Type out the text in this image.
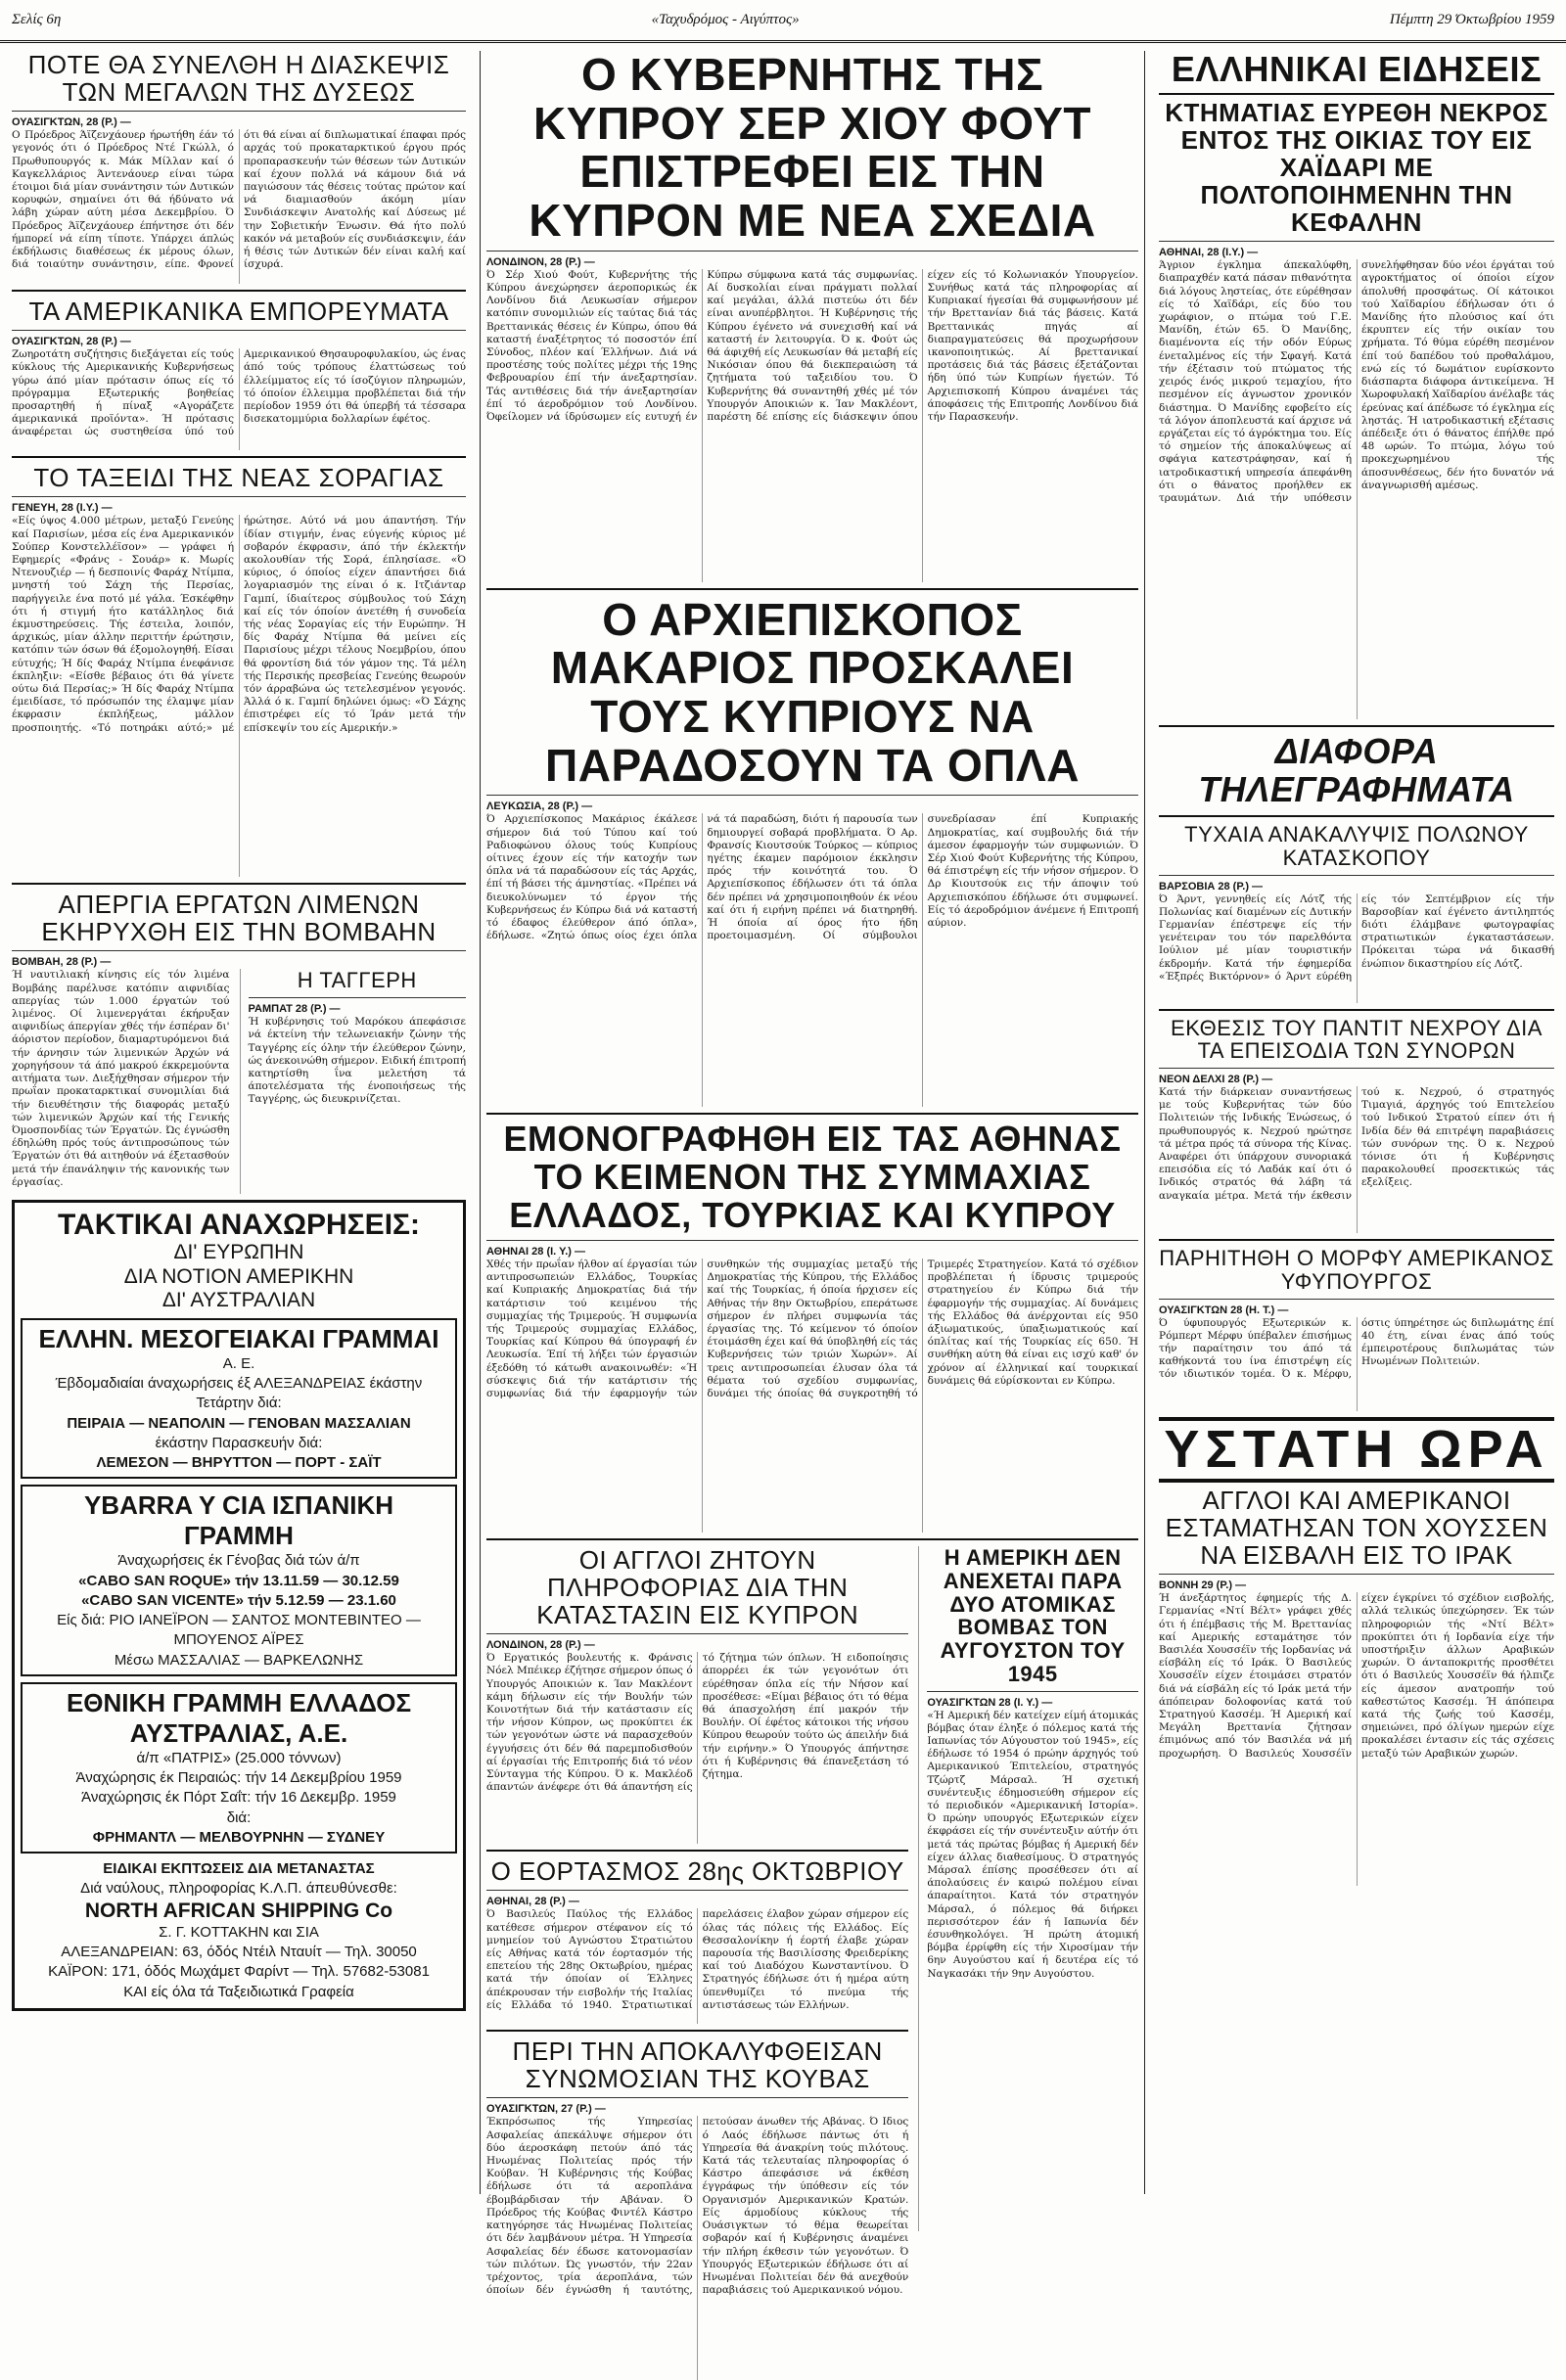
Σελίς 6η	«Ταχυδρόμος - Αιγύπτος»	Πέμπτη 29 Όκτωβρίου 1959
ΠΟΤΕ ΘΑ ΣΥΝΕΛΘΗ Η ΔΙΑΣΚΕΨΙΣ ΤΩΝ ΜΕΓΑΛΩΝ ΤΗΣ ΔΥΣΕΩΣ
ΟΥΑΣΙΓΚΤΩΝ, 28 (Ρ.) —

Ο Πρόεδρος Άϊζενχάουερ ήρωτήθη έάν τό γεγονός ότι ό Πρόεδρος Ντέ Γκώλλ, ό Πρωθυπουργός κ. Μάκ Μίλλαν καί ό Καγκελλάριος Άντενάουερ είναι τώρα έτοιμοι διά μίαν συνάντησιν τών Δυτικών κορυφών, σημαίνει ότι θά ήδύνατο νά λάβη χώραν αύτη μέσα Δεκεμβρίου. Ό Πρόεδρος Άϊζενχάουερ έπήντησε ότι δέν ήμπορεί νά είπη τίποτε. Υπάρχει άπλώς έκδήλωσις διαθέσεως έκ μέρους όλων, διά τοιαύτην συνάντησιν, είπε. Φρονεί ότι θά είναι αί διπλωματικαί έπαφαι πρός αρχάς τού προκαταρκτικού έργου πρός προπαρασκευήν τών θέσεων τών Δυτικών καί έχουν πολλά νά κάμουν διά νά παγιώσουν τάς θέσεις τούτας πρώτον καί νά διαμιασθούν άκόμη μίαν Συνδιάσκεψιν Ανατολής καί Δύσεως μέ την Σοβιετικήν Ένωσιν. Θά ήτο πολύ κακόν νά μεταβούν είς συνδιάσκεψιν, έάν ή θέσις τών Δυτικών δέν είναι καλή καί ίσχυρά.

ΤΑ ΑΜΕΡΙΚΑΝΙΚΑ ΕΜΠΟΡΕΥΜΑΤΑ
ΟΥΑΣΙΓΚΤΩΝ, 28 (Ρ.) —

Ζωηροτάτη συζήτησις διεξάγεται είς τούς κύκλους τής Αμερικανικής Κυβερνήσεως γύρω άπό μίαν πρότασιν όπως είς τό πρόγραμμα Εξωτερικής βοηθείας προσαρτηθή ή πίναξ «Αγοράζετε άμερικανικά προϊόντα». Ή πρότασις άναφέρεται ώς συστηθείσα ύπό τού Αμερικανικού Θησαυροφυλακίου, ώς ένας άπό τούς τρόπους έλαττώσεως τού έλλείμματος είς τό ίσοζύγιον πληρωμών, τό όποίον έλλειμμα προβλέπεται διά τήν περίοδον 1959 ότι θά ύπερβή τά τέσσαρα δισεκατομμύρια δολλαρίων έφέτος.

ΤΟ ΤΑΞΕΙΔΙ ΤΗΣ ΝΕΑΣ ΣΟΡΑΓΙΑΣ
ΓΕΝΕΥΗ, 28 (Ι.Υ.) —

«Είς ύψος 4.000 μέτρων, μεταξύ Γενεύης καί Παρισίων, μέσα είς ένα Αμερικανικόν Σούπερ Κονστελλέϊσον» — γράφει ή Εφημερίς «Φράνς - Σουάρ» κ. Μωρίς Ντενουζιέρ — ή δεσποινίς Φαράχ Ντίμπα, μνηστή τού Σάχη τής Περσίας, παρήγγειλε ένα ποτό μέ γάλα. Έσκέφθην ότι ή στιγμή ήτο κατάλληλος διά έκμυστηρεύσεις. Τής έστειλα, λοιπόν, άρχικώς, μίαν άλλην περιττήν έρώτησιν, κατόπιν τών όσων θά έξομολογηθή. Είσαι εύτυχής; Ή δίς Φαράχ Ντίμπα ένεφάνισε έκπληξιν: «Είσθε βέβαιος ότι θά γίνετε ούτω διά Περσίας;» Ή δίς Φαράχ Ντίμπα έμειδίασε, τό πρόσωπόν της έλαμψε μίαν έκφρασιν έκπλήξεως, μάλλον προσποιητής. «Τό ποτηράκι αύτό;» μέ ήρώτησε. Αύτό νά μου άπαντήση. Τήν ίδίαν στιγμήν, ένας εύγενής κύριος μέ σοβαρόν έκφρασιν, άπό τήν έκλεκτήν ακολουθίαν τής Σορά, έπλησίασε. «Ό κύριος, ό όποίος είχεν άπαντήσει διά λογαριασμόν της είναι ό κ. Ιτζιάνταρ Γαμπί, ίδιαίτερος σύμβουλος τού Σάχη καί είς τόν όποίον άνετέθη ή συνοδεία τής νέας Σοραγίας είς τήν Ευρώπην. Ή δίς Φαράχ Ντίμπα θά μείνει είς Παρισίους μέχρι τέλους Νοεμβρίου, όπου θά φροντίση διά τόν γάμον της. Τά μέλη τής Περσικής πρεσβείας Γενεύης θεωρούν τόν άρραβώνα ώς τετελεσμένον γεγονός. Άλλά ό κ. Γαμπί δηλώνει όμως: «Ό Σάχης έπιστρέφει είς τό Ίράν μετά τήν επίσκεψίν του είς Αμερικήν.»

ΑΠΕΡΓΙΑ ΕΡΓΑΤΩΝ ΛΙΜΕΝΩΝ ΕΚΗΡΥΧΘΗ ΕΙΣ ΤΗΝ ΒΟΜΒΑΗΝ
ΒΟΜΒΑΗ, 28 (Ρ.) —

Ή ναυτιλιακή κίνησις είς τόν λιμένα Βομβάης παρέλυσε κατόπιν αιφνιδίας απεργίας τών 1.000 έργατών τού λιμένος. Οί λιμενεργάται έκήρυξαν αιφνιδίως άπεργίαν χθές τήν έσπέραν δι' άόριστον περίοδον, διαμαρτυρόμενοι διά τήν άρνησιν τών λιμενικών Άρχών νά χορηγήσουν τά άπό μακρού έκκρεμούντα αιτήματα των. Διεξήχθησαν σήμερον τήν πρωΐαν προκαταρκτικαί συνομιλίαι διά τήν διευθέτησιν τής διαφοράς μεταξύ τών λιμενικών Άρχών καί τής Γενικής Όμοσπονδίας τών Έργατών. Ώς έγνώσθη έδηλώθη πρός τούς άντιπροσώπους τών Έργατών ότι θά αιτηθούν νά έξετασθούν μετά τήν έπανάληψιν τής κανονικής των έργασίας.

Η ΤΑΓΓΕΡΗ
ΡΑΜΠΑΤ 28 (Ρ.) —

Ή κυβέρνησις τού Μαρόκου άπεφάσισε νά έκτείνη τήν τελωνειακήν ζώνην τής Ταγγέρης είς όλην τήν έλεύθερον ζώνην, ώς άνεκοινώθη σήμερον. Ειδική έπιτροπή κατηρτίσθη ΐνα μελετήση τά άποτελέσματα τής ένοποιήσεως τής Ταγγέρης, ώς διευκρινίζεται.

ΤΑΚΤΙΚΑΙ ΑΝΑΧΩΡΗΣΕΙΣ:
ΔΙ' ΕΥΡΩΠΗΝ
ΔΙΑ ΝΟΤΙΟΝ ΑΜΕΡΙΚΗΝ
ΔΙ' ΑΥΣΤΡΑΛΙΑΝ
ΕΛΛΗΝ. ΜΕΣΟΓΕΙΑΚΑΙ ΓΡΑΜΜΑΙ
Α. Ε.
Έβδομαδιαίαι άναχωρήσεις έξ ΑΛΕΞΑΝΔΡΕΙΑΣ έκάστην Τετάρτην διά:
ΠΕΙΡΑΙΑ — ΝΕΑΠΟΛΙΝ — ΓΕΝΟΒΑΝ ΜΑΣΣΑΛΙΑΝ
έκάστην Παρασκευήν διά:
ΛΕΜΕΣΟΝ — ΒΗΡΥΤΤΟΝ — ΠΟΡΤ - ΣΑΪΤ
YBARRA Y CIA ΙΣΠΑΝΙΚΗ ΓΡΑΜΜΗ
Άναχωρήσεις έκ Γένοβας διά τών ά/π
«CABO SAN ROQUE» τήν 13.11.59 — 30.12.59
«CABO SAN VICENTE» τήν 5.12.59 — 23.1.60
Είς διά: ΡΙΟ ΙΑΝΕΪΡΟΝ — ΣΑΝΤΟΣ ΜΟΝΤΕΒΙΝΤΕΟ — ΜΠΟΥΕΝΟΣ ΑΪΡΕΣ
Μέσω ΜΑΣΣΑΛΙΑΣ — ΒΑΡΚΕΛΩΝΗΣ
ΕΘΝΙΚΗ ΓΡΑΜΜΗ ΕΛΛΑΔΟΣ ΑΥΣΤΡΑΛΙΑΣ, Α.Ε.
ά/π «ΠΑΤΡΙΣ» (25.000 τόννων)
Άναχώρησις έκ Πειραιώς: τήν 14 Δεκεμβρίου 1959
Άναχώρησις έκ Πόρτ Σαΐτ: τήν 16 Δεκεμβρ. 1959
διά:
ΦΡΗΜΑΝΤΛ — ΜΕΛΒΟΥΡΝΗΝ — ΣΥΔΝΕΥ
ΕΙΔΙΚΑΙ ΕΚΠΤΩΣΕΙΣ ΔΙΑ ΜΕΤΑΝΑΣΤΑΣ
Διά ναύλους, πληροφορίας Κ.Λ.Π. άπευθύνεσθε:
NORTH AFRICAN SHIPPING Co
Σ. Γ. ΚΟΤΤΑΚΗΝ και ΣΙΑ
ΑΛΕΞΑΝΔΡΕΙΑΝ: 63, όδός Ντέιλ Νταυίτ — Τηλ. 30050
ΚΑΪΡΟΝ: 171, όδός Μωχάμετ Φαρίντ — Τηλ. 57682-53081
ΚΑΙ είς όλα τά Ταξειδιωτικά Γραφεία
Ο ΚΥΒΕΡΝΗΤΗΣ ΤΗΣ ΚΥΠΡΟΥ ΣΕΡ ΧΙΟΥ ΦΟΥΤ ΕΠΙΣΤΡΕΦΕΙ ΕΙΣ ΤΗΝ ΚΥΠΡΟΝ ΜΕ ΝΕΑ ΣΧΕΔΙΑ
ΛΟΝΔΙΝΟΝ, 28 (Ρ.) —

Ό Σέρ Χιού Φούτ, Κυβερνήτης τής Κύπρου άνεχώρησεν άεροπορικώς έκ Λονδίνου διά Λευκωσίαν σήμερον κατόπιν συνομιλιών είς ταύτας διά τάς Βρεττανικάς θέσεις έν Κύπρω, όπου θά καταστή έναξέτρητος τό ποσοστόν έπί Σύνοδος, πλέον καί Έλλήνων. Διά νά προστέσης τούς πολίτες μέχρι τής 19ης Φεβρουαρίου έπί τήν άνεξαρτησίαν. Τάς αντιθέσεις διά τήν άνεξαρτησίαν έπί τό άεροδρόμιον τού Λονδίνου. Όφείλομεν νά ίδρύσωμεν είς ευτυχή έν Κύπρω σύμφωνα κατά τάς συμφωνίας. Αί δυσκολίαι είναι πράγματι πολλαί καί μεγάλαι, άλλά πιστεύω ότι δέν είναι ανυπέρβλητοι. Ή Κυβέρνησις τής Κύπρου έγένετο νά συνεχισθή καί νά καταστή έν λειτουργία. Ό κ. Φούτ ώς θά άφιχθή είς Λευκωσίαν θά μεταβή είς Νικόσιαν όπου θά διεκπεραιώση τά ζητήματα τού ταξειδίου του. Ό Κυβερνήτης θά συναντηθή χθές μέ τόν Υπουργόν Αποικιών κ. Ίαν Μακλέοντ, παρέστη δέ επίσης είς διάσκεψιν όπου είχεν είς τό Κολωνιακόν Υπουργείον. Συνήθως κατά τάς πληροφορίας αί Κυπριακαί ήγεσίαι θά συμφωνήσουν μέ τήν Βρεττανίαν διά τάς βάσεις. Κατά Βρεττανικάς πηγάς αί διαπραγματεύσεις θά προχωρήσουν ικανοποιητικώς. Αί βρεττανικαί προτάσεις διά τάς βάσεις έξετάζονται ήδη ύπό τών Κυπρίων ήγετών. Τό Αρχιεπισκοπή Κύπρου άναμένει τάς άποφάσεις τής Επιτροπής Λονδίνου διά τήν Παρασκευήν.

Ο ΑΡΧΙΕΠΙΣΚΟΠΟΣ ΜΑΚΑΡΙΟΣ ΠΡΟΣΚΑΛΕΙ ΤΟΥΣ ΚΥΠΡΙΟΥΣ ΝΑ ΠΑΡΑΔΟΣΟΥΝ ΤΑ ΟΠΛΑ
ΛΕΥΚΩΣΙΑ, 28 (Ρ.) —

Ό Αρχιεπίσκοπος Μακάριος έκάλεσε σήμερον διά τού Τύπου καί τού Ραδιοφώνου όλους τούς Κυπρίους οίτινες έχουν είς τήν κατοχήν των όπλα νά τά παραδώσουν είς τάς Αρχάς, έπί τή βάσει τής άμνηστίας. «Πρέπει νά διευκολύνωμεν τό έργον τής Κυβερνήσεως έν Κύπρω διά νά καταστή τό έδαφος έλεύθερον άπό όπλα», έδήλωσε. «Ζητώ όπως οίος έχει όπλα νά τά παραδώση, διότι ή παρουσία των δημιουργεί σοβαρά προβλήματα. Ό Αρ. Φρανσίς Κιουτσούκ Τούρκος — κύπριος ηγέτης έκαμεν παρόμοιον έκκλησιν πρός τήν κοινότητά του. Ό Αρχιεπίσκοπος έδήλωσεν ότι τά όπλα δέν πρέπει νά χρησιμοποιηθούν έκ νέου καί ότι ή ειρήνη πρέπει νά διατηρηθή. Ή όποία αί όρος ήτο ήδη προετοιμασμένη. Οί σύμβουλοι συνεδρίασαν έπί Κυπριακής Δημοκρατίας, καί συμβουλής διά τήν άμεσον έφαρμογήν τών συμφωνιών. Ό Σέρ Χιού Φούτ Κυβερνήτης τής Κύπρου, θά έπιστρέψη είς τήν νήσον σήμερον. Ό Δρ Κιουτσούκ εις τήν άποψιν τού Αρχιεπισκόπου έδήλωσε ότι συμφωνεί. Είς τό άεροδρόμιον άνέμενε ή Επιτροπή αύριον.

ΕΜΟΝΟΓΡΑΦΗΘΗ ΕΙΣ ΤΑΣ ΑΘΗΝΑΣ ΤΟ ΚΕΙΜΕΝΟΝ ΤΗΣ ΣΥΜΜΑΧΙΑΣ ΕΛΛΑΔΟΣ, ΤΟΥΡΚΙΑΣ ΚΑΙ ΚΥΠΡΟΥ
ΑΘΗΝΑΙ 28 (Ι. Υ.) —

Χθές τήν πρωΐαν ήλθον αί έργασίαι τών αντιπροσωπειών Ελλάδος, Τουρκίας καί Κυπριακής Δημοκρατίας διά τήν κατάρτισιν τού κειμένου τής συμμαχίας τής Τριμερούς. Ή συμφωνία τής Τριμερούς συμμαχίας Ελλάδος, Τουρκίας καί Κύπρου θά ύπογραφή έν Λευκωσία. Έπί τή λήξει τών έργασιών έξεδόθη τό κάτωθι ανακοινωθέν: «Ή σύσκεψις διά τήν κατάρτισιν τής συμφωνίας διά τήν έφαρμογήν τών συνθηκών τής συμμαχίας μεταξύ τής Δημοκρατίας τής Κύπρου, τής Ελλάδος καί τής Τουρκίας, ή όποία ήρχισεν είς Αθήνας τήν 8ην Οκτωβρίου, επεράτωσε σήμερον έν πλήρει συμφωνία τάς έργασίας της. Τό κείμενον τό όποίον έτοιμάσθη έχει καί θά ύποβληθή είς τάς Κυβερνήσεις τών τριών Χωρών». Αί τρεις αντιπροσωπείαι έλυσαν όλα τά θέματα τού σχεδίου συμφωνίας, δυνάμει τής όποίας θά συγκροτηθή τό Τριμερές Στρατηγείον. Κατά τό σχέδιον προβλέπεται ή ίδρυσις τριμερούς στρατηγείου έν Κύπρω διά τήν έφαρμογήν τής συμμαχίας. Αί δυνάμεις τής Ελλάδος θά άνέρχονται είς 950 άξιωματικούς, ύπαξιωματικούς καί όπλίτας καί τής Τουρκίας είς 650. Ή συνθήκη αύτη θά είναι εις ισχύ καθ' όν χρόνον αί έλληνικαί καί τουρκικαί δυνάμεις θά εύρίσκονται εν Κύπρω.

ΟΙ ΑΓΓΛΟΙ ΖΗΤΟΥΝ ΠΛΗΡΟΦΟΡΙΑΣ ΔΙΑ ΤΗΝ ΚΑΤΑΣΤΑΣΙΝ ΕΙΣ ΚΥΠΡΟΝ
ΛΟΝΔΙΝΟΝ, 28 (Ρ.) —

Ό Εργατικός βουλευτής κ. Φράνσις Νόελ Μπέικερ έζήτησε σήμερον όπως ό Υπουργός Αποικιών κ. Ίαν Μακλέοντ κάμη δήλωσιν είς τήν Βουλήν τών Κοινοτήτων διά τήν κατάστασιν είς τήν νήσον Κύπρον, ως προκύπτει έκ τών γεγονότων ώστε νά παρασχεθούν έγγυήσεις ότι δέν θά παρεμποδισθούν αί έργασίαι τής Επιτροπής διά τό νέον Σύνταγμα τής Κύπρου. Ό κ. Μακλέοδ άπαντών άνέφερε ότι θά άπαντήση είς τό ζήτημα τών όπλων. Ή ειδοποίησις άπορρέει έκ τών γεγονότων ότι εύρέθησαν όπλα είς τήν Νήσον καί προσέθεσε: «Είμαι βέβαιος ότι τό θέμα θά άπασχολήση έπί μακρόν τήν Βουλήν. Οί έφέτος κάτοικοι τής νήσου Κύπρου θεωρούν τούτο ώς άπειλήν διά τήν ειρήνην.» Ό Υπουργός άπήντησε ότι ή Κυβέρνησις θά έπανεξετάση τό ζήτημα.

Ο ΕΟΡΤΑΣΜΟΣ 28ης ΟΚΤΩΒΡΙΟΥ
ΑΘΗΝΑΙ, 28 (Ρ.) —

Ό Βασιλεύς Παύλος τής Ελλάδος κατέθεσε σήμερον στέφανον είς τό μνημείον τού Αγνώστου Στρατιώτου είς Αθήνας κατά τόν έορτασμόν τής επετείου τής 28ης Οκτωβρίου, ημέρας κατά τήν όποίαν οί Έλληνες άπέκρουσαν τήν εισβολήν τής Ιταλίας είς Ελλάδα τό 1940. Στρατιωτικαί παρελάσεις έλαβον χώραν σήμερον είς όλας τάς πόλεις τής Ελλάδος. Είς Θεσσαλονίκην ή έορτή έλαβε χώραν παρουσία τής Βασιλίσσης Φρειδερίκης καί τού Διαδόχου Κωνσταντίνου. Ό Στρατηγός έδήλωσε ότι ή ημέρα αύτη ύπενθυμίζει τό πνεύμα τής αντιστάσεως τών Ελλήνων.

ΠΕΡΙ ΤΗΝ ΑΠΟΚΑΛΥΦΘΕΙΣΑΝ ΣΥΝΩΜΟΣΙΑΝ ΤΗΣ ΚΟΥΒΑΣ
ΟΥΑΣΙΓΚΤΩΝ, 27 (Ρ.) —

Έκπρόσωπος τής Υπηρεσίας Ασφαλείας άπεκάλυψε σήμερον ότι δύο άεροσκάφη πετούν άπό τάς Ηνωμένας Πολιτείας πρός τήν Κούβαν. Ή Κυβέρνησις τής Κούβας έδήλωσε ότι τά αεροπλάνα έβομβάρδισαν τήν Αβάναν. Ό Πρόεδρος τής Κούβας Φιντέλ Κάστρο κατηγόρησε τάς Ηνωμένας Πολιτείας ότι δέν λαμβάνουν μέτρα. Ή Υπηρεσία Ασφαλείας δέν έδωσε κατονομασίαν τών πιλότων. Ώς γνωστόν, τήν 22αν τρέχοντος, τρία άεροπλάνα, τών όποίων δέν έγνώσθη ή ταυτότης, πετούσαν άνωθεν τής Αβάνας. Ό Ιδιος ό Λαός έδήλωσε πάντως ότι ή Υπηρεσία θά άνακρίνη τούς πιλότους. Κατά τάς τελευταίας πληροφορίας ό Κάστρο άπεφάσισε νά έκθέση έγγράφως τήν ύπόθεσιν είς τόν Οργανισμόν Αμερικανικών Κρατών. Είς άρμοδίους κύκλους τής Ουάσιγκτων τό θέμα θεωρείται σοβαρόν καί ή Κυβέρνησις άναμένει τήν πλήρη έκθεσιν τών γεγονότων. Ό Υπουργός Εξωτερικών έδήλωσε ότι αί Ηνωμέναι Πολιτείαι δέν θά ανεχθούν παραβιάσεις τού Αμερικανικού νόμου.

Η ΑΜΕΡΙΚΗ ΔΕΝ ΑΝΕΧΕΤΑΙ ΠΑΡΑ ΔΥΟ ΑΤΟΜΙΚΑΣ ΒΟΜΒΑΣ ΤΟΝ ΑΥΓΟΥΣΤΟΝ ΤΟΥ 1945
ΟΥΑΣΙΓΚΤΩΝ 28 (Ι. Υ.) —

«Ή Αμερική δέν κατείχεν είμή άτομικάς βόμβας όταν έληξε ό πόλεμος κατά τής Ιαπωνίας τόν Αύγουστον τού 1945», είς έδήλωσε τό 1954 ό πρώην άρχηγός τού Αμερικανικού Έπιτελείου, στρατηγός Τζώρτζ Μάρσαλ. Ή σχετική συνέντευξις έδημοσιεύθη σήμερον είς τό περιοδικόν «Αμερικανική Ιστορία». Ό πρώην υπουργός Εξωτερικών είχεν έκφράσει είς τήν συνέντευξιν αύτήν ότι μετά τάς πρώτας βόμβας ή Αμερική δέν είχεν άλλας διαθεσίμους. Ό στρατηγός Μάρσαλ έπίσης προσέθεσεν ότι αί άπολαύσεις έν καιρώ πολέμου είναι άπαραίτητοι. Κατά τόν στρατηγόν Μάρσαλ, ό πόλεμος θά διήρκει περισσότερον έάν ή Ιαπωνία δέν έσυνθηκολόγει. Ή πρώτη άτομική βόμβα έρρίφθη είς τήν Χιροσίμαν τήν 6ην Αυγούστου καί ή δευτέρα είς τό Ναγκασάκι τήν 9ην Αυγούστου.

ΕΛΛΗΝΙΚΑΙ ΕΙΔΗΣΕΙΣ
ΚΤΗΜΑΤΙΑΣ ΕΥΡΕΘΗ ΝΕΚΡΟΣ ΕΝΤΟΣ ΤΗΣ ΟΙΚΙΑΣ ΤΟΥ ΕΙΣ ΧΑΪΔΑΡΙ ΜΕ ΠΟΛΤΟΠΟΙΗΜΕΝΗΝ ΤΗΝ ΚΕΦΑΛΗΝ
ΑΘΗΝΑΙ, 28 (Ι.Υ.) —

Άγριον έγκλημα άπεκαλύφθη, διαπραχθέν κατά πάσαν πιθανότητα διά λόγους ληστείας, ότε εύρέθησαν είς τό Χαϊδάρι, είς δύο του χωράφιον, ο πτώμα τού Γ.Ε. Μανίδη, έτών 65. Ό Μανίδης, διαμένοντα είς τήν οδόν Εύρως ένεταλμένος είς τήν Σφαγή. Κατά τήν έξέτασιν τού πτώματος τής χειρός ένός μικρού τεμαχίου, ήτο πεσμένον είς άγνωστον χρονικόν διάστημα. Ό Μανίδης εφοβείτο είς τά λόγον άποπλευστά καί άρχισε νά εργάζεται είς τό άγρόκτημα του. Είς τό σημείον τής άποκαλύψεως αί σφάγια κατεστράφησαν, καί ή ιατροδικαστική υπηρεσία άπεφάνθη ότι ο θάνατος προήλθεν εκ τραυμάτων. Διά τήν υπόθεσιν συνελήφθησαν δύο νέοι έργάται τού αγροκτήματος οί όποίοι είχον άπολυθή προσφάτως. Οί κάτοικοι τού Χαϊδαρίου έδήλωσαν ότι ό Μανίδης ήτο πλούσιος καί ότι έκρυπτεν είς τήν οικίαν του χρήματα. Τό θύμα εύρέθη πεσμένον έπί τού δαπέδου τού προθαλάμου, ενώ είς τό δωμάτιον ευρίσκοντο διάσπαρτα διάφορα άντικείμενα. Ή Χωροφυλακή Χαϊδαρίου άνέλαβε τάς έρεύνας καί άπέδωσε τό έγκλημα είς ληστάς. Ή ιατροδικαστική εξέτασις άπέδειξε ότι ό θάνατος έπήλθε πρό 48 ωρών. Το πτώμα, λόγω τού προκεχωρημένου τής άποσυνθέσεως, δέν ήτο δυνατόν νά άναγνωρισθή αμέσως.

ΔΙΑΦΟΡΑ ΤΗΛΕΓΡΑΦΗΜΑΤΑ
ΤΥΧΑΙΑ ΑΝΑΚΑΛΥΨΙΣ ΠΟΛΩΝΟΥ ΚΑΤΑΣΚΟΠΟΥ
ΒΑΡΣΟΒΙΑ 28 (Ρ.) —

Ό Άρντ, γεννηθείς είς Λότζ τής Πολωνίας καί διαμένων είς Δυτικήν Γερμανίαν έπέστρεψε είς τήν γενέτειραν του τόν παρελθόντα Ιούλιον μέ μίαν τουριστικήν έκδρομήν. Κατά τήν έφημερίδα «Έξπρές Βικτόρνον» ό Άρντ εύρέθη είς τόν Σεπτέμβριον είς τήν Βαρσοβίαν καί έγένετο άντιληπτός διότι έλάμβανε φωτογραφίας στρατιωτικών έγκαταστάσεων. Πρόκειται τώρα νά δικασθή ένώπιον δικαστηρίου είς Λότζ.

ΕΚΘΕΣΙΣ ΤΟΥ ΠΑΝΤΙΤ ΝΕΧΡΟΥ ΔΙΑ ΤΑ ΕΠΕΙΣΟΔΙΑ ΤΩΝ ΣΥΝΟΡΩΝ
ΝΕΟΝ ΔΕΛΧΙ 28 (Ρ.) —

Κατά τήν διάρκειαν συναντήσεως με τούς Κυβερνήτας τών δύο Πολιτειών τής Ινδικής Ένώσεως, ό πρωθυπουργός κ. Νεχρού ηρώτησε τά μέτρα πρός τά σύνορα τής Κίνας. Αναφέρει ότι ύπάρχουν συνοριακά επεισόδια είς τό Λαδάκ καί ότι ό Ινδικός στρατός θά λάβη τά αναγκαία μέτρα. Μετά τήν έκθεσιν τού κ. Νεχρού, ό στρατηγός Τιμαγιά, άρχηγός τού Επιτελείου τού Ινδικού Στρατού είπεν ότι ή Ινδία δέν θά επιτρέψη παραβιάσεις τών συνόρων της. Ό κ. Νεχρού τόνισε ότι ή Κυβέρνησις παρακολουθεί προσεκτικώς τάς εξελίξεις.

ΠΑΡΗΙΤΗΘΗ Ο ΜΟΡΦΥ ΑΜΕΡΙΚΑΝΟΣ ΥΦΥΠΟΥΡΓΟΣ
ΟΥΑΣΙΓΚΤΩΝ 28 (Η. Τ.) —

Ό ύφυπουργός Εξωτερικών κ. Ρόμπερτ Μέρφυ ύπέβαλεν έπισήμως τήν παραίτησιν του άπό τά καθήκοντά του ίνα έπιστρέψη είς τόν ιδιωτικόν τομέα. Ό κ. Μέρφυ, όστις ύπηρέτησε ώς διπλωμάτης έπί 40 έτη, είναι ένας άπό τούς έμπειροτέρους διπλωμάτας τών Ηνωμένων Πολιτειών.

ΥΣΤΑΤΗ ΩΡΑ
ΑΓΓΛΟΙ ΚΑΙ ΑΜΕΡΙΚΑΝΟΙ ΕΣΤΑΜΑΤΗΣΑΝ ΤΟΝ ΧΟΥΣΣΕΝ ΝΑ ΕΙΣΒΑΛΗ ΕΙΣ ΤΟ ΙΡΑΚ
ΒΟΝΝΗ 29 (Ρ.) —

Ή άνεξάρτητος έφημερίς τής Δ. Γερμανίας «Ντί Βέλτ» γράφει χθές ότι ή έπέμβασις τής Μ. Βρεττανίας καί Αμερικής εσταμάτησε τόν Βασιλέα Χουσσέϊν τής Ιορδανίας νά είσβάλη είς τό Ιράκ. Ό Βασιλεύς Χουσσέϊν είχεν έτοιμάσει στρατόν διά νά είσβάλη είς τό Ιράκ μετά τήν άπόπειραν δολοφονίας κατά τού Στρατηγού Κασσέμ. Ή Αμερική καί Μεγάλη Βρεττανία ζήτησαν έπιμόνως από τόν Βασιλέα νά μή προχωρήση. Ό Βασιλεύς Χουσσέϊν είχεν έγκρίνει τό σχέδιον εισβολής, αλλά τελικώς ύπεχώρησεν. Έκ τών πληροφοριών τής «Ντί Βέλτ» προκύπτει ότι ή Ιορδανία είχε τήν υποστήριξιν άλλων Αραβικών χωρών. Ό άνταποκριτής προσθέτει ότι ό Βασιλεύς Χουσσέϊν θά ήλπιζε είς άμεσον ανατροπήν τού καθεστώτος Κασσέμ. Ή άπόπειρα κατά τής ζωής τού Κασσέμ, σημειώνει, πρό όλίγων ημερών είχε προκαλέσει έντασιν είς τάς σχέσεις μεταξύ τών Αραβικών χωρών.
